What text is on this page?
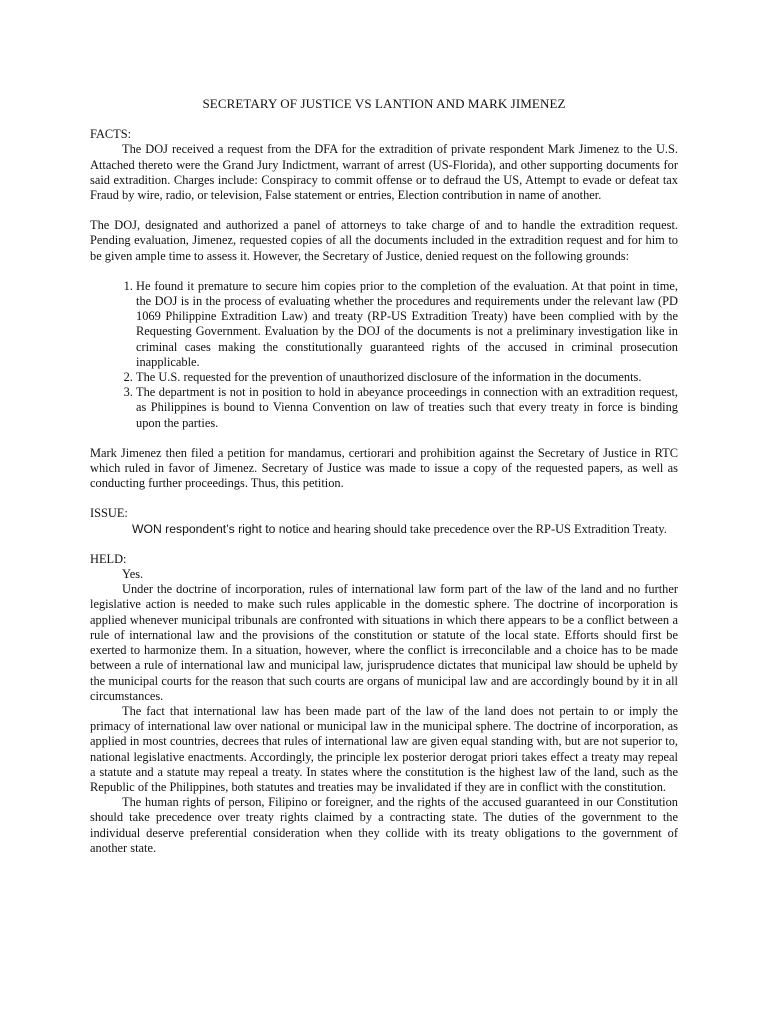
SECRETARY OF JUSTICE VS LANTION AND MARK JIMENEZ
FACTS:

The DOJ received a request from the DFA for the extradition of private respondent Mark Jimenez to the U.S. Attached thereto were the Grand Jury Indictment, warrant of arrest (US-Florida), and other supporting documents for said extradition. Charges include: Conspiracy to commit offense or to defraud the US, Attempt to evade or defeat tax Fraud by wire, radio, or television, False statement or entries, Election contribution in name of another.

The DOJ, designated and authorized a panel of attorneys to take charge of and to handle the extradition request. Pending evaluation, Jimenez, requested copies of all the documents included in the extradition request and for him to be given ample time to assess it. However, the Secretary of Justice, denied request on the following grounds:

1. He found it premature to secure him copies prior to the completion of the evaluation. At that point in time, the DOJ is in the process of evaluating whether the procedures and requirements under the relevant law (PD 1069 Philippine Extradition Law) and treaty (RP-US Extradition Treaty) have been complied with by the Requesting Government. Evaluation by the DOJ of the documents is not a preliminary investigation like in criminal cases making the constitutionally guaranteed rights of the accused in criminal prosecution inapplicable.
2. The U.S. requested for the prevention of unauthorized disclosure of the information in the documents.
3. The department is not in position to hold in abeyance proceedings in connection with an extradition request, as Philippines is bound to Vienna Convention on law of treaties such that every treaty in force is binding upon the parties.

Mark Jimenez then filed a petition for mandamus, certiorari and prohibition against the Secretary of Justice in RTC which ruled in favor of Jimenez. Secretary of Justice was made to issue a copy of the requested papers, as well as conducting further proceedings. Thus, this petition.

ISSUE:
WON respondent’s right to notice and hearing should take precedence over the RP-US Extradition Treaty.
HELD:
Yes.

Under the doctrine of incorporation, rules of international law form part of the law of the land and no further legislative action is needed to make such rules applicable in the domestic sphere. The doctrine of incorporation is applied whenever municipal tribunals are confronted with situations in which there appears to be a conflict between a rule of international law and the provisions of the constitution or statute of the local state. Efforts should first be exerted to harmonize them. In a situation, however, where the conflict is irreconcilable and a choice has to be made between a rule of international law and municipal law, jurisprudence dictates that municipal law should be upheld by the municipal courts for the reason that such courts are organs of municipal law and are accordingly bound by it in all circumstances.

The fact that international law has been made part of the law of the land does not pertain to or imply the primacy of international law over national or municipal law in the municipal sphere. The doctrine of incorporation, as applied in most countries, decrees that rules of international law are given equal standing with, but are not superior to, national legislative enactments. Accordingly, the principle lex posterior derogat priori takes effect a treaty may repeal a statute and a statute may repeal a treaty. In states where the constitution is the highest law of the land, such as the Republic of the Philippines, both statutes and treaties may be invalidated if they are in conflict with the constitution.

The human rights of person, Filipino or foreigner, and the rights of the accused guaranteed in our Constitution should take precedence over treaty rights claimed by a contracting state. The duties of the government to the individual deserve preferential consideration when they collide with its treaty obligations to the government of another state.
